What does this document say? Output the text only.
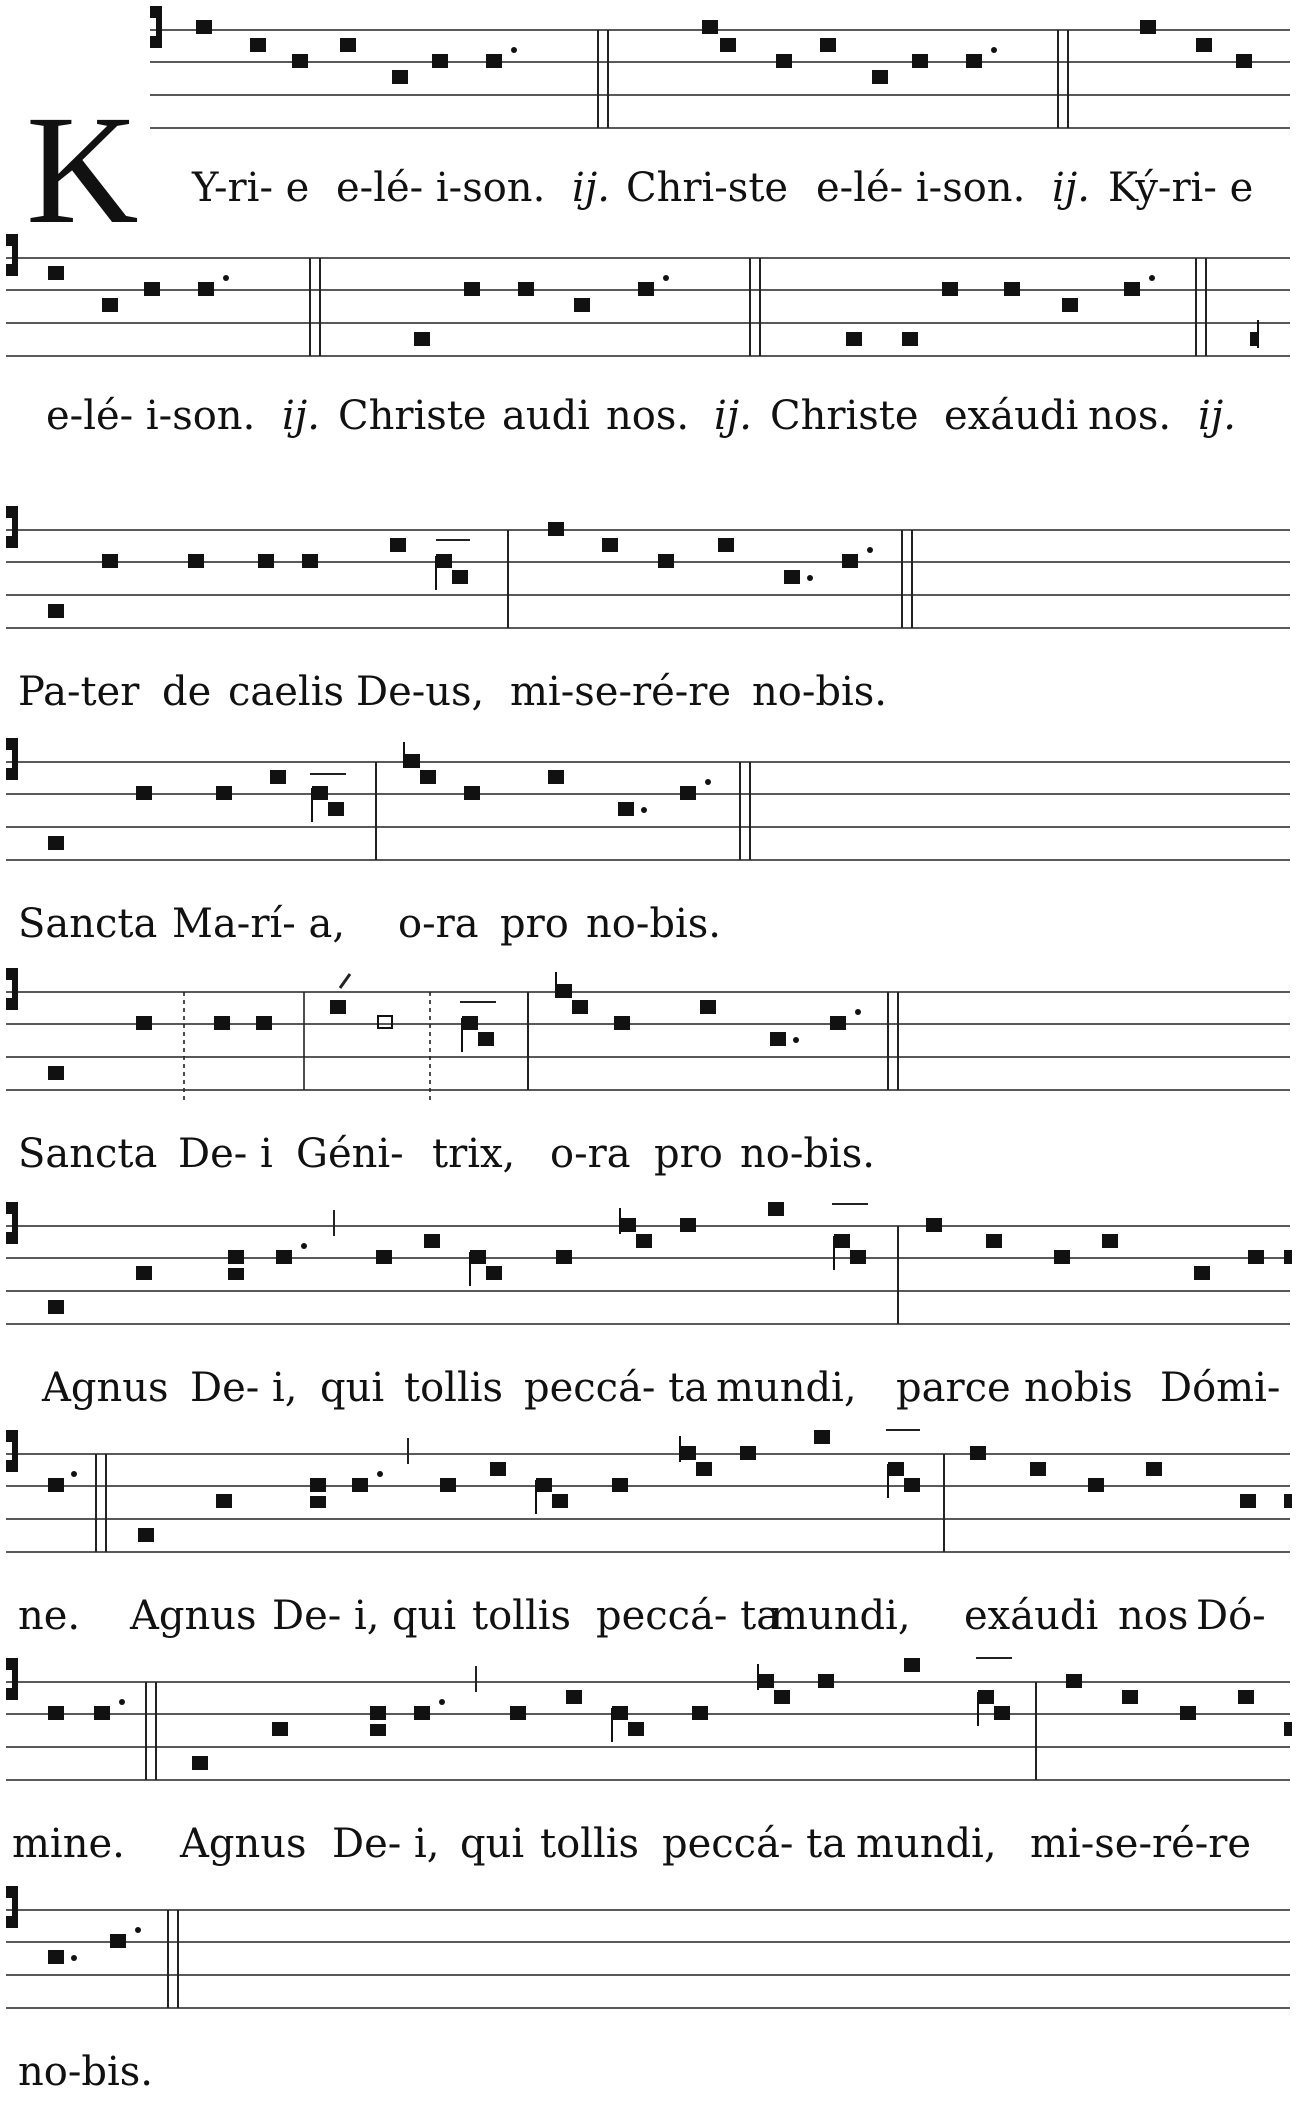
K Y-ri- e e-lé- i-son. ij. Chri-ste e-lé- i-son. ij. Ký-ri- e
e-lé- i-son. ij. Christe audi nos. ij. Christe exáudi nos. ij.
Pa-ter de caelis De-us, mi-se-ré-re no-bis.
Sancta Ma-rí- a, o-ra pro no-bis.
Sancta De- i Géni- trix, o-ra pro no-bis.
Agnus De- i, qui tollis peccá- ta mundi, parce nobis Dómi-
ne. Agnus De- i, qui tollis peccá- ta
mundi, exáudi nos Dó-
mine. Agnus De- i, qui tollis peccá- ta mundi, mi-se-ré-re
no-bis.
